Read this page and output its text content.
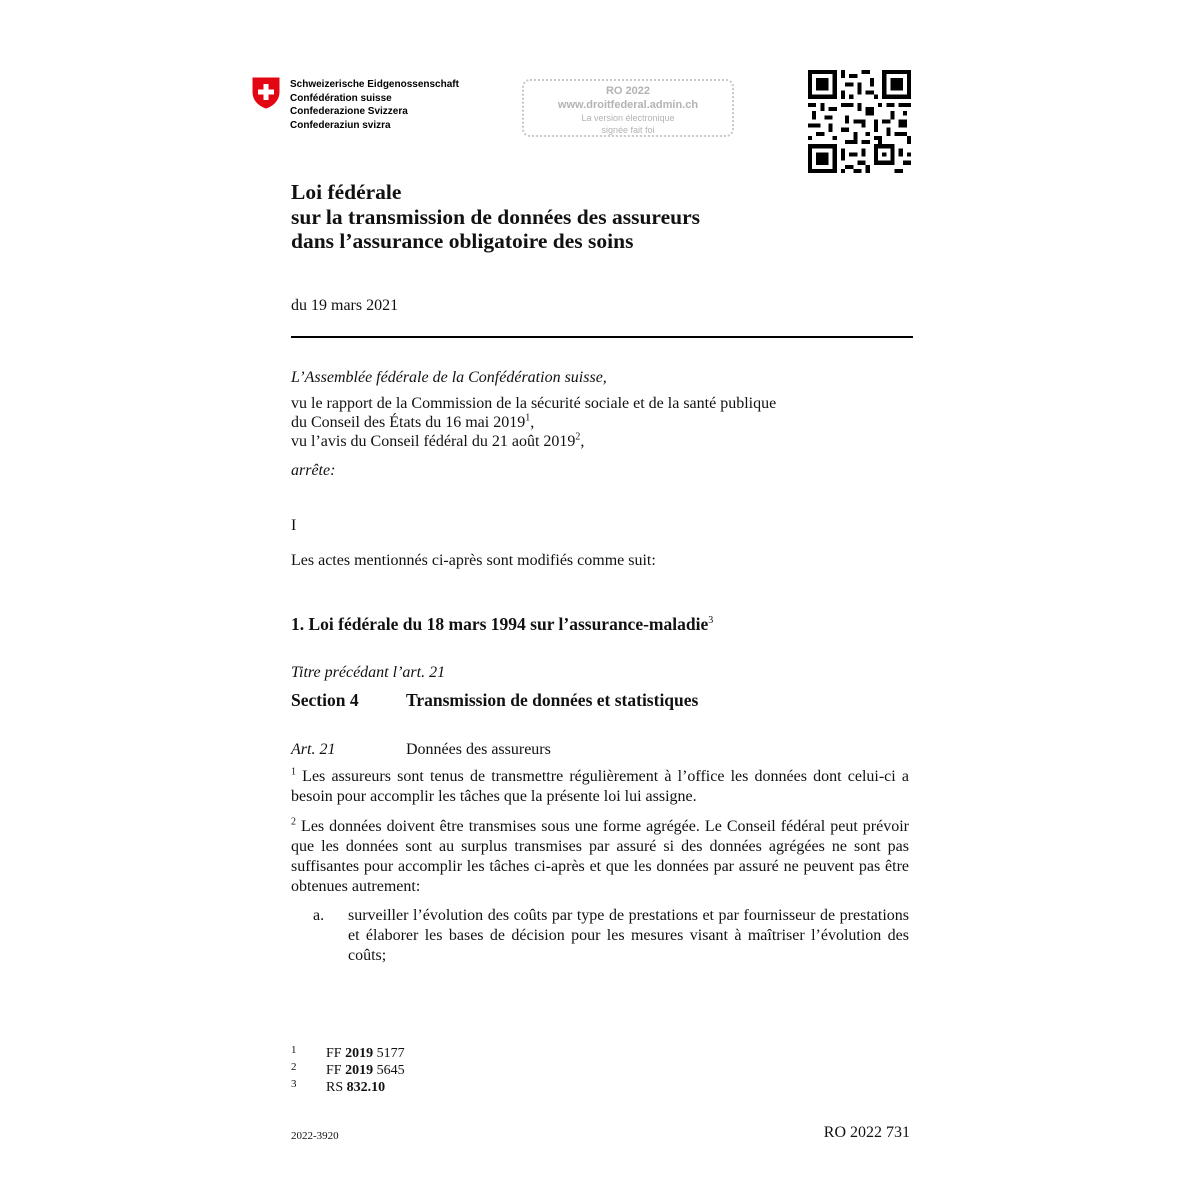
Schweizerische Eidgenossenschaft
Confédération suisse
Confederazione Svizzera
Confederaziun svizra
RO 2022
www.droitfederal.admin.ch
La version électronique
signée fait foi
Loi fédérale
sur la transmission de données des assureurs
dans l’assurance obligatoire des soins
du 19 mars 2021
L’Assemblée fédérale de la Confédération suisse,
vu le rapport de la Commission de la sécurité sociale et de la santé publique
du Conseil des États du 16 mai 2019$^1$,
vu l’avis du Conseil fédéral du 21 août 2019$^2$,
arrête:
I
Les actes mentionnés ci-après sont modifiés comme suit:
1. Loi fédérale du 18 mars 1994 sur l’assurance-maladie$^3$
Titre précédant l’art. 21
Section 4	Transmission de données et statistiques
Art. 21	Données des assureurs
$^1$ Les assureurs sont tenus de transmettre régulièrement à l’office les données dont celui-ci a besoin pour accomplir les tâches que la présente loi lui assigne.
$^2$ Les données doivent être transmises sous une forme agrégée. Le Conseil fédéral peut prévoir que les données sont au surplus transmises par assuré si des données agrégées ne sont pas suffisantes pour accomplir les tâches ci-après et que les données par assuré ne peuvent pas être obtenues autrement:
a. surveiller l’évolution des coûts par type de prestations et par fournisseur de prestations et élaborer les bases de décision pour les mesures visant à maîtriser l’évolution des coûts;
1 FF 2019 5177
2 FF 2019 5645
3 RS 832.10
2022-3920	RO 2022 731
